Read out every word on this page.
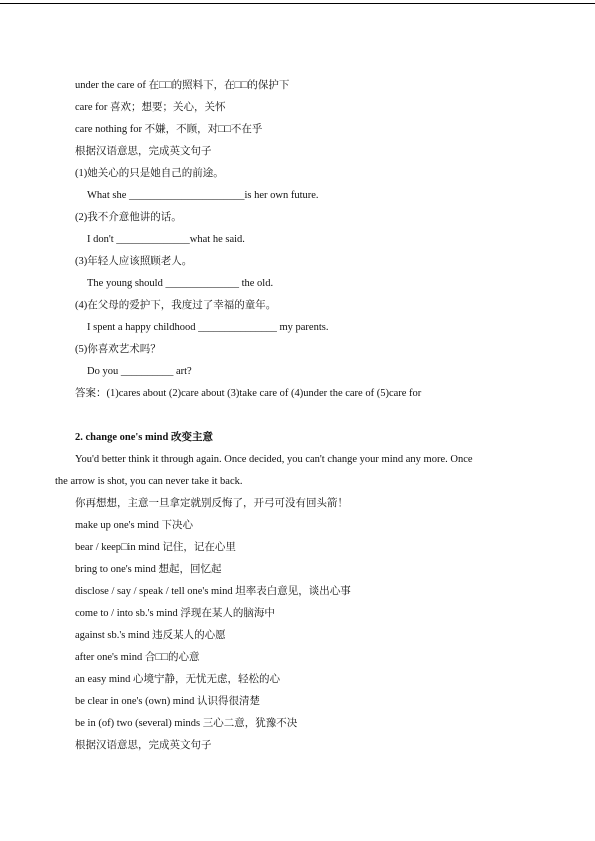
under the care of 在□□的照料下，在□□的保护下
care for 喜欢；想要；关心，关怀
care nothing for 不嫌，不顾，对□□不在乎
根据汉语意思，完成英文句子
(1)她关心的只是她自己的前途。
What she ______________________is her own future.
(2)我不介意他讲的话。
I don't ______________what he said.
(3)年轻人应该照顾老人。
The young should ______________ the old.
(4)在父母的爱护下，我度过了幸福的童年。
I spent a happy childhood _______________ my parents.
(5)你喜欢艺术吗？
Do you __________ art?
答案：(1)cares about (2)care about (3)take care of (4)under the care of (5)care for
2. change one's mind 改变主意
You'd better think it through again. Once decided, you can't change your mind any more. Once
the arrow is shot, you can never take it back.
你再想想，主意一旦拿定就别反悔了，开弓可没有回头箭！
make up one's mind 下决心
bear / keep□in mind 记住，记在心里
bring to one's mind 想起，回忆起
disclose / say / speak / tell one's mind 坦率表白意见，谈出心事
come to / into sb.'s mind 浮现在某人的脑海中
against sb.'s mind 违反某人的心愿
after one's mind 合□□的心意
an easy mind 心境宁静，无忧无虑，轻松的心
be clear in one's (own) mind 认识得很清楚
be in (of) two (several) minds 三心二意，犹豫不决
根据汉语意思，完成英文句子
